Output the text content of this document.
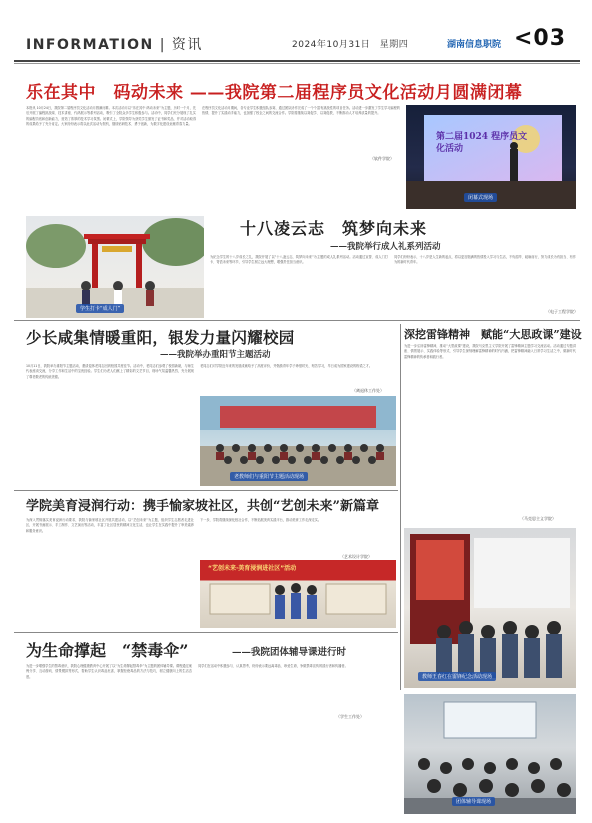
INFORMATION | 资讯	2024年10月31日　星期四	湖南信息职院 <03
乐在其中　码动未来 ——我院第二届程序员文化活动月圆满闭幕
本报讯 10月24日，我院第二届程序员文化活动月圆满闭幕。本次活动月以“乐在其中 码动未来”为主题，历时一个月，先后开展了编程挑战赛、技术讲座、代码展示等系列活动，吸引了全院众多学生积极参与。活动中，同学们充分展现了扎实的编程功底和创新能力，营造了浓厚的技术学习氛围。闭幕式上，学院领导为获奖学生颁发了证书和奖品，并对活动取得的成果给予了充分肯定。大家纷纷表示将以此次活动为契机，继续钻研技术、勇于创新，为数字化建设贡献青春力量。
在程序员文化活动月期间，各专业学生积极组队参赛，通过团队协作完成了一个个富有挑战性的项目任务。活动进一步激发了学生学习编程的热情，提升了实践动手能力，也加强了校企之间的交流合作。学院将继续以赛促学、以赛促教，不断推动人才培养质量的提升。
（软件学院）
第二届1024 程序员文化活动
闭幕式现场
学生打卡“成人门”
十八凌云志　筑梦向未来
——我院举行成人礼系列活动
为纪念学生的十八岁成长之礼，我院开展了以“十八凌云志，筑梦向未来”为主题的成人礼系列活动。活动通过宣誓、成人门打卡、寄语未来等环节，引导学生树立远大理想，增强责任担当意识。
同学们纷纷表示，十八岁是人生新的起点，将以更加饱满的热情投入学习与生活，不负韶华、砥砺前行，努力成长为有担当、有作为的新时代青年。
（电子工程学院）
少长咸集情暖重阳，银发力量闪耀校园
——我院举办重阳节主题活动
10月11日，我院举办重阳节主题活动，邀请退休老同志回到校园共度佳节。活动中，老同志们参观了校园新貌，与师生代表座谈交流，分享工作和生活中的宝贵经验。学生们为老人们献上了精彩的文艺节目，现场气氛温馨热烈，充分展现了尊老敬老的传统美德。
老同志们对学院近年来的发展成就给予了高度评价，并勉励青年学子珍惜时光、刻苦学习，早日成为国家建设的栋梁之才。
（离退休工作处）
老教师们与重阳节主题活动现场
深挖雷锋精神　赋能“大思政课”建设
为进一步弘扬雷锋精神，推动“大思政课”建设，我院马克思主义学院开展了雷锋精神主题学习交流活动。活动通过专题讲座、情景展示、实践体验等形式，引导学生深刻理解雷锋精神的时代内涵，把雷锋精神融入日常学习生活之中，做新时代雷锋精神的传承者和践行者。
（马克思主义学院）
教师王春红在雷锋纪念活动现场
学院美育浸润行动：携手愉家坡社区，共创“艺创未来”新篇章
为深入贯彻落实美育浸润行动要求，我院与愉家坡社区开展共建活动，以“艺创未来”为主题，组织学生志愿者走进社区，开展书画展示、手工制作、文艺演出等活动，丰富了社区居民的精神文化生活，也让学生在实践中提升了审美素养和服务意识。
下一步，学院将继续深化校社合作，不断拓展美育实践平台，推动美育工作走深走实。
（艺术设计学院）
“艺创未来·美育浸润进社区”活动
为生命撑起　“禁毒伞”	——我院团体辅导课进行时
为进一步增强学生的禁毒意识，我院心理健康教育中心开展了以“为生命撑起禁毒伞”为主题的团体辅导课。课程通过案例分享、互动游戏、情景模拟等形式，帮助学生认识毒品危害，掌握拒绝毒品的方法与技巧，树立健康向上的生活态度。
同学们在活动中积极参与、认真思考，纷纷表示要远离毒品、珍爱生命，争做禁毒宣传的践行者和传播者。
（学生工作处）
团体辅导课现场
